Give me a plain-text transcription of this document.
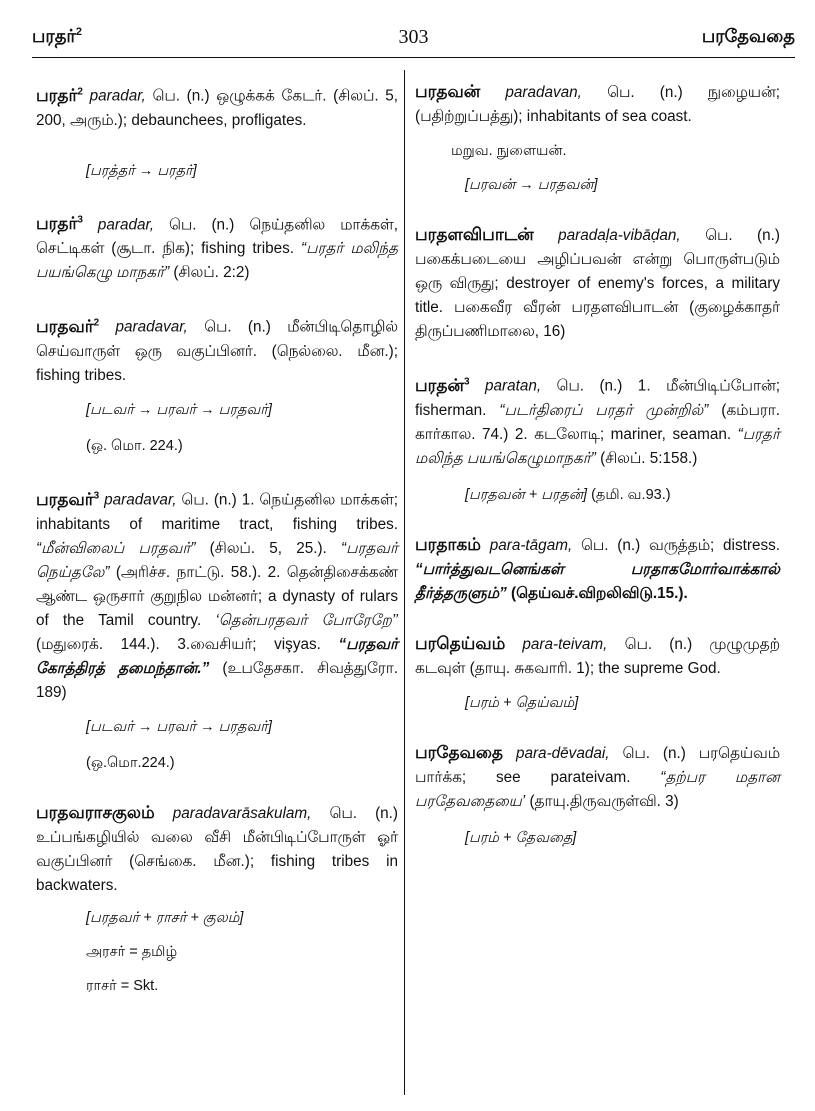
பரதர்$^2$	303	பரதேவதை

பரதர்$^2$ paradar, பெ. (n.) ஒழுக்கக் கேடர். (சிலப். 5, 200, அரும்.); debaunchees, profligates.

[பரத்தர் → பரதர்]

பரதர்$^3$ paradar, பெ. (n.) நெய்தனில மாக்கள், செட்டிகள் (சூடா. நிக); fishing tribes. “பரதர் மலிந்த பயங்கெழு மாநகர்” (சிலப். 2:2)

பரதவர்$^2$ paradavar, பெ. (n.) மீன்பிடிதொழில் செய்வாருள் ஒரு வகுப்பினர். (நெல்லை. மீன.); fishing tribes.

[படவர் → பரவர் → பரதவர்]
(ஒ. மொ. 224.)

பரதவர்$^3$ paradavar, பெ. (n.) 1. நெய்தனில மாக்கள்; inhabitants of maritime tract, fishing tribes. “மீன்விலைப் பரதவர்” (சிலப். 5, 25.). “பரதவர் நெய்தலே” (அரிச்ச. நாட்டு. 58.). 2. தென்திசைக்கண் ஆண்ட ஒருசார் குறுநில மன்னர்; a dynasty of rulars of the Tamil country. ‘தென்பரதவர் போரேறே’’ (மதுரைக். 144.). 3.வைசியர்; vişyas. “பரதவர் கோத்திரத் தமைந்தான்.” (உபதேசகா. சிவத்துரோ. 189)

[படவர் → பரவர் → பரதவர்]
(ஒ.மொ.224.)

பரதவராசகுலம் paradavarāsakulam, பெ. (n.) உப்பங்கழியில் வலை வீசி மீன்பிடிப்போருள் ஓர் வகுப்பினர் (செங்கை. மீன.); fishing tribes in backwaters.

[பரதவர் + ராசர் + குலம்]
அரசர் = தமிழ்
ராசர் = Skt.

பரதவன் paradavan, பெ. (n.) நுழையன்; (பதிற்றுப்பத்து); inhabitants of sea coast.

மறுவ. நுளையன்.
[பரவன் → பரதவன்]

பரதளவிபாடன் paradaḷa-vibāḍan, பெ. (n.) பகைக்படையை அழிப்பவன் என்று பொருள்படும் ஒரு விருது; destroyer of enemy's forces, a military title. பகைவீர வீரன் பரதளவிபாடன் (குழைக்காதர் திருப்பணிமாலை, 16)

பரதன்$^3$ paratan, பெ. (n.) 1. மீன்பிடிப்போன்; fisherman. “படர்திரைப் பரதர் முன்றில்” (கம்பரா. கார்கால. 74.) 2. கடலோடி; mariner, seaman. “பரதர் மலிந்த பயங்கெழுமாநகர்” (சிலப். 5:158.)

[பரதவன் + பரதன்] (தமி. வ.93.)

பரதாகம் para-tāgam, பெ. (n.) வருத்தம்; distress. “பார்த்துவடனெங்கள் பரதாகமோர்வாக்கால் தீர்த்தருளும்” (தெய்வச்.விறலிவிடு.15.).

பரதெய்வம் para-teivam, பெ. (n.) முழுமுதற் கடவுள் (தாயு. சுகவாரி. 1); the supreme God.

[பரம் + தெய்வம்]

பரதேவதை para-dēvadai, பெ. (n.) பரதெய்வம் பார்க்க; see parateivam. “தற்பர மதான பரதேவதையை’ (தாயு.திருவருள்வி. 3)

[பரம் + தேவதை]
